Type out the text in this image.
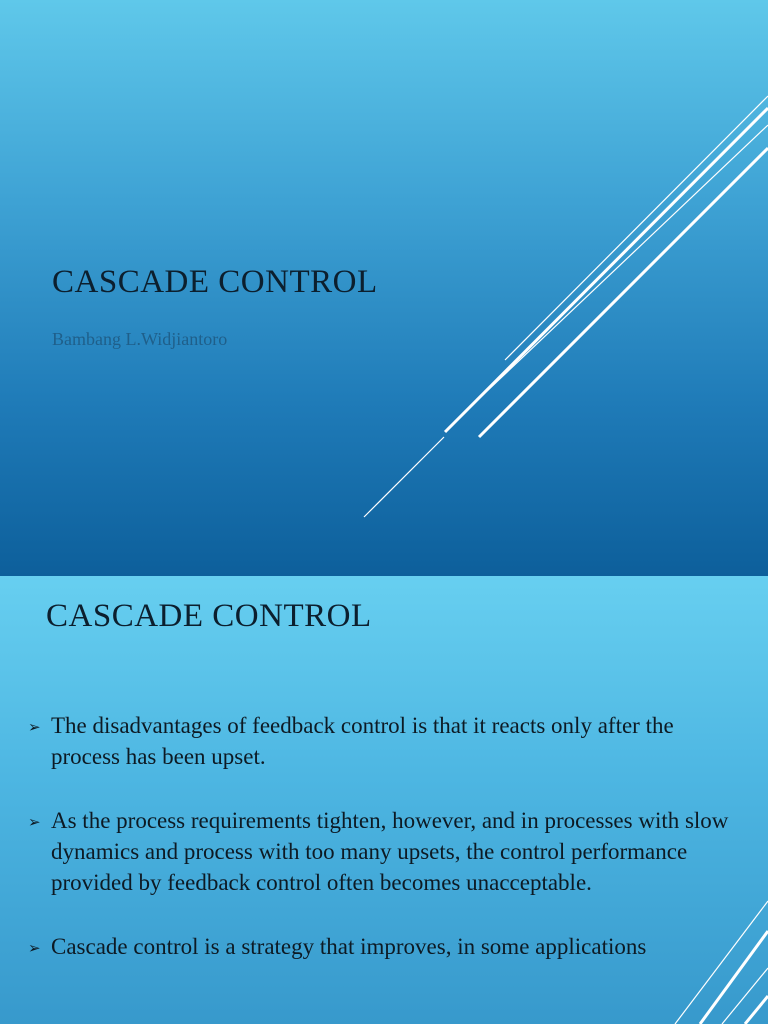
CASCADE CONTROL
Bambang L.Widjiantoro
CASCADE CONTROL
➢ The disadvantages of feedback control is that it reacts only after the process has been upset.
➢ As the process requirements tighten, however, and in processes with slow dynamics and process with too many upsets, the control performance provided by feedback control often becomes unacceptable.
➢ Cascade control is a strategy that improves, in some applications
